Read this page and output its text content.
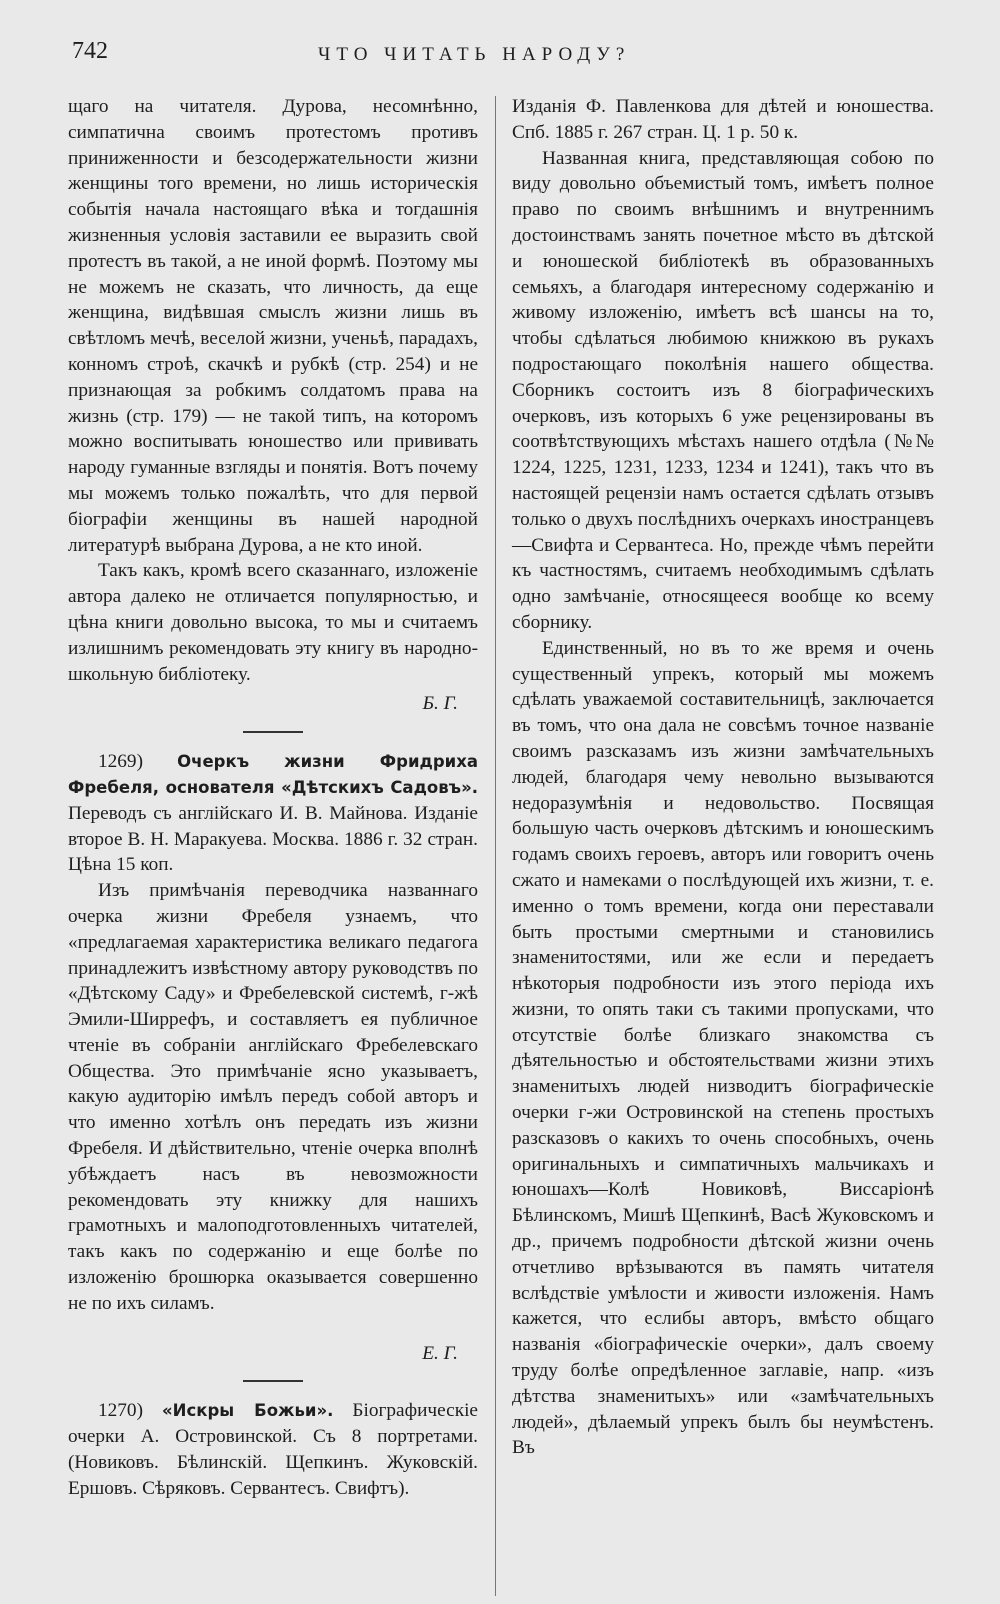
742	ЧТО ЧИТАТЬ НАРОДУ?

щаго на читателя. Дурова, несомнѣнно, симпатична своимъ протестомъ противъ приниженности и безсодержательности жизни женщины того времени, но лишь историческія событія начала настоящаго вѣка и тогдашнія жизненныя условія заставили ее выразить свой протестъ въ такой, а не иной формѣ. Поэтому мы не можемъ не сказать, что личность, да еще женщина, видѣвшая смыслъ жизни лишь въ свѣтломъ мечѣ, веселой жизни, ученьѣ, парадахъ, конномъ строѣ, скачкѣ и рубкѣ (стр. 254) и не признающая за робкимъ солдатомъ права на жизнь (стр. 179) — не такой типъ, на которомъ можно воспитывать юношество или прививать народу гуманные взгляды и понятія. Вотъ почему мы можемъ только пожалѣть, что для первой біографіи женщины въ нашей народной литературѣ выбрана Дурова, а не кто иной.

Такъ какъ, кромѣ всего сказаннаго, изложеніе автора далеко не отличается популярностью, и цѣна книги довольно высока, то мы и считаемъ излишнимъ рекомендовать эту книгу въ народно-школьную библіотеку.

Б. Г.

1269) Очеркъ жизни Фридриха Фребеля, основателя «Дѣтскихъ Садовъ». Переводъ съ англійскаго И. В. Майнова. Изданіе второе В. Н. Маракуева. Москва. 1886 г. 32 стран. Цѣна 15 коп.

Изъ примѣчанія переводчика названнаго очерка жизни Фребеля узнаемъ, что «предлагаемая характеристика великаго педагога принадлежитъ извѣстному автору руководствъ по «Дѣтскому Саду» и Фребелевской системѣ, г-жѣ Эмили-Ширрефъ, и составляетъ ея публичное чтеніе въ собраніи англійскаго Фребелевскаго Общества. Это примѣчаніе ясно указываетъ, какую аудиторію имѣлъ передъ собой авторъ и что именно хотѣлъ онъ передать изъ жизни Фребеля. И дѣйствительно, чтеніе очерка вполнѣ убѣждаетъ насъ въ невозможности рекомендовать эту книжку для нашихъ грамотныхъ и малоподготовленныхъ читателей, такъ какъ по содержанію и еще болѣе по изложенію брошюрка оказывается совершенно не по ихъ силамъ.

Е. Г.

1270) «Искры Божьи». Біографическіе очерки А. Островинской. Съ 8 портретами. (Новиковъ. Бѣлинскій. Щепкинъ. Жуковскій. Ершовъ. Сѣряковъ. Сервантесъ. Свифтъ).

Изданія Ф. Павленкова для дѣтей и юношества. Спб. 1885 г. 267 стран. Ц. 1 р. 50 к.

Названная книга, представляющая собою по виду довольно объемистый томъ, имѣетъ полное право по своимъ внѣшнимъ и внутреннимъ достоинствамъ занять почетное мѣсто въ дѣтской и юношеской библіотекѣ въ образованныхъ семьяхъ, а благодаря интересному содержанію и живому изложенію, имѣетъ всѣ шансы на то, чтобы сдѣлаться любимою книжкою въ рукахъ подростающаго поколѣнія нашего общества. Сборникъ состоитъ изъ 8 біографическихъ очерковъ, изъ которыхъ 6 уже рецензированы въ соотвѣтствующихъ мѣстахъ нашего отдѣла (№№ 1224, 1225, 1231, 1233, 1234 и 1241), такъ что въ настоящей рецензіи намъ остается сдѣлать отзывъ только о двухъ послѣднихъ очеркахъ иностранцевъ—Свифта и Сервантеса. Но, прежде чѣмъ перейти къ частностямъ, считаемъ необходимымъ сдѣлать одно замѣчаніе, относящееся вообще ко всему сборнику.

Единственный, но въ то же время и очень существенный упрекъ, который мы можемъ сдѣлать уважаемой составительницѣ, заключается въ томъ, что она дала не совсѣмъ точное названіе своимъ разсказамъ изъ жизни замѣчательныхъ людей, благодаря чему невольно вызываются недоразумѣнія и недовольство. Посвящая большую часть очерковъ дѣтскимъ и юношескимъ годамъ своихъ героевъ, авторъ или говоритъ очень сжато и намеками о послѣдующей ихъ жизни, т. е. именно о томъ времени, когда они переставали быть простыми смертными и становились знаменитостями, или же если и передаетъ нѣкоторыя подробности изъ этого періода ихъ жизни, то опять таки съ такими пропусками, что отсутствіе болѣе близкаго знакомства съ дѣятельностью и обстоятельствами жизни этихъ знаменитыхъ людей низводитъ біографическіе очерки г-жи Островинской на степень простыхъ разсказовъ о какихъ то очень способныхъ, очень оригинальныхъ и симпатичныхъ мальчикахъ и юношахъ—Колѣ Новиковѣ, Виссаріонѣ Бѣлинскомъ, Мишѣ Щепкинѣ, Васѣ Жуковскомъ и др., причемъ подробности дѣтской жизни очень отчетливо врѣзываются въ память читателя вслѣдствіе умѣлости и живости изложенія. Намъ кажется, что еслибы авторъ, вмѣсто общаго названія «біографическіе очерки», далъ своему труду болѣе опредѣленное заглавіе, напр. «изъ дѣтства знаменитыхъ» или «замѣчательныхъ людей», дѣлаемый упрекъ былъ бы неумѣстенъ. Въ
